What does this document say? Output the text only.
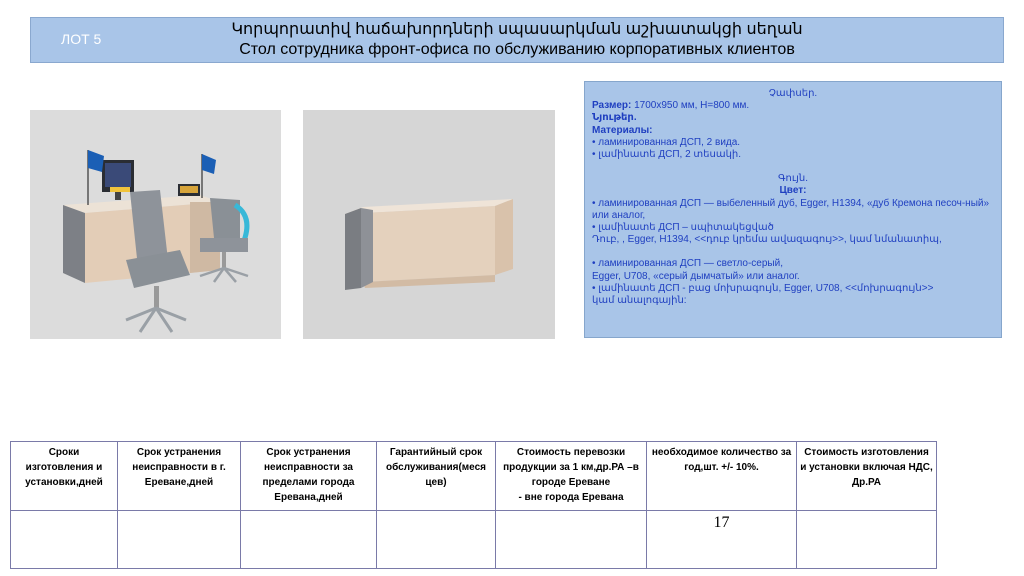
ЛОТ 5
Կորպորատիվ հաճախորդների սպասարկման աշխատակցի սեղան
Стол сотрудника фронт-офиса по обслуживанию корпоративных клиентов
Չափսեր.
Размер: 1700x950 мм, H=800 мм.
Նյութեր.
Материалы:
• ламинированная ДСП, 2 вида.
• լամինատե ДСП, 2 տեսակի.
Գույն.
Цвет:
• ламинированная ДСП — выбеленный дуб, Egger, H1394, «дуб Кремона песоч-ный» или аналог,
• լամինատե ДСП – սպիտակեցված
Դուբ, , Egger, H1394, <<դուբ կրեմա ավազագույ>>, կամ նմանատիպ,
• ламинированная ДСП — светло-серый,
Egger, U708, «серый дымчатый» или аналог.
• լամինատե ДСП - բաց մոխրագույն, Egger, U708, <<մոխրագույն>>
կամ անալոգային:
Сроки изготовления и установки,дней	Срок устранения неисправности в г. Ереване,дней	Срок устранения неисправности за пределами города Еревана,дней	Гарантийный срок обслуживания(меся цев)	Стоимость перевозки продукции за 1 км,др.РА –в городе Ереване
- вне города Еревана	необходимое количество за год,шт. +/- 10%.	Стоимость изготовления и установки включая НДС, Др.РА
					17	
